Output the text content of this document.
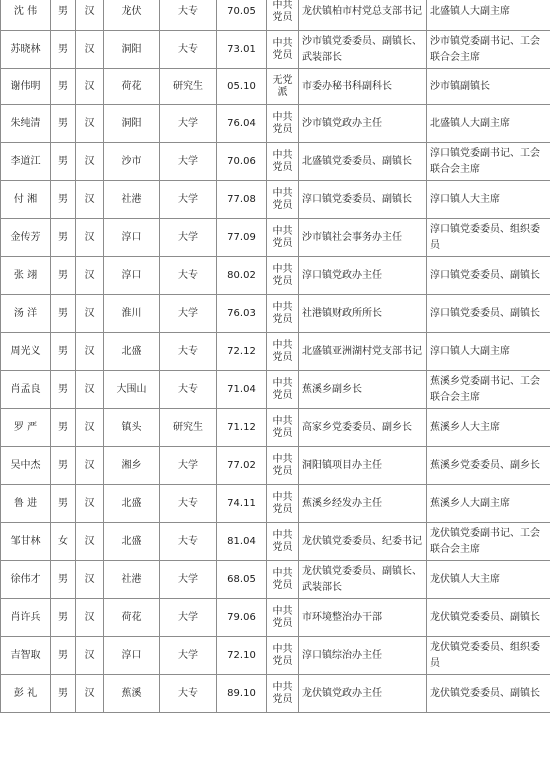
沈 伟	男	汉	龙伏	大专	70.05	中共党员	龙伏镇柏市村党总支部书记	北盛镇人大副主席
苏晓林	男	汉	洞阳	大专	73.01	中共党员	沙市镇党委委员、副镇长、武装部长	沙市镇党委副书记、工会联合会主席
谢伟明	男	汉	荷花	研究生	05.10	无党派	市委办秘书科副科长	沙市镇副镇长
朱纯清	男	汉	洞阳	大学	76.04	中共党员	沙市镇党政办主任	北盛镇人大副主席
李道江	男	汉	沙市	大学	70.06	中共党员	北盛镇党委委员、副镇长	淳口镇党委副书记、工会联合会主席
付 湘	男	汉	社港	大学	77.08	中共党员	淳口镇党委委员、副镇长	淳口镇人大主席
金传芳	男	汉	淳口	大学	77.09	中共党员	沙市镇社会事务办主任	淳口镇党委委员、组织委员
张 翊	男	汉	淳口	大专	80.02	中共党员	淳口镇党政办主任	淳口镇党委委员、副镇长
汤 洋	男	汉	淮川	大学	76.03	中共党员	社港镇财政所所长	淳口镇党委委员、副镇长
周光义	男	汉	北盛	大专	72.12	中共党员	北盛镇亚洲湖村党支部书记	淳口镇人大副主席
肖孟良	男	汉	大围山	大专	71.04	中共党员	蕉溪乡副乡长	蕉溪乡党委副书记、工会联合会主席
罗 严	男	汉	镇头	研究生	71.12	中共党员	高家乡党委委员、副乡长	蕉溪乡人大主席
吴中杰	男	汉	湘乡	大学	77.02	中共党员	洞阳镇项目办主任	蕉溪乡党委委员、副乡长
鲁 进	男	汉	北盛	大专	74.11	中共党员	蕉溪乡经发办主任	蕉溪乡人大副主席
邹甘林	女	汉	北盛	大专	81.04	中共党员	龙伏镇党委委员、纪委书记	龙伏镇党委副书记、工会联合会主席
徐伟才	男	汉	社港	大学	68.05	中共党员	龙伏镇党委委员、副镇长、武装部长	龙伏镇人大主席
肖许兵	男	汉	荷花	大学	79.06	中共党员	市环境整治办干部	龙伏镇党委委员、副镇长
吉智取	男	汉	淳口	大学	72.10	中共党员	淳口镇综治办主任	龙伏镇党委委员、组织委员
彭 礼	男	汉	蕉溪	大专	89.10	中共党员	龙伏镇党政办主任	龙伏镇党委委员、副镇长
